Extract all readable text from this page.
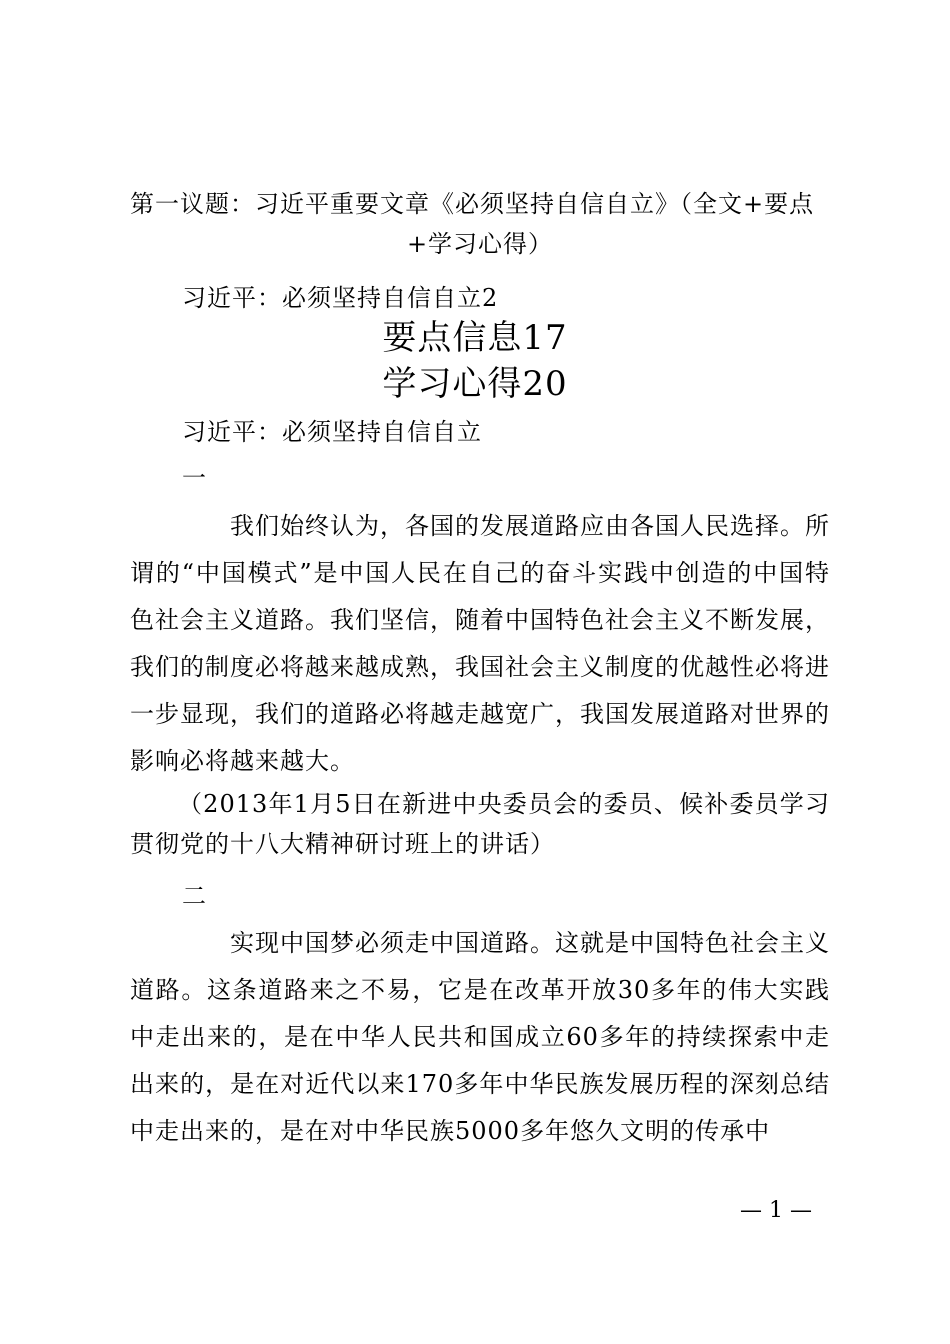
第一议题：习近平重要文章《必须坚持自信自立》（全文+要点
+学习心得）
习近平：必须坚持自信自立2
要点信息17
学习心得20
习近平：必须坚持自信自立
一
我们始终认为，各国的发展道路应由各国人民选择。所谓的“中国模式”是中国人民在自己的奋斗实践中创造的中国特色社会主义道路。我们坚信，随着中国特色社会主义不断发展，我们的制度必将越来越成熟，我国社会主义制度的优越性必将进一步显现，我们的道路必将越走越宽广，我国发展道路对世界的影响必将越来越大。
（2013年1月5日在新进中央委员会的委员、候补委员学习贯彻党的十八大精神研讨班上的讲话）
二
实现中国梦必须走中国道路。这就是中国特色社会主义道路。这条道路来之不易，它是在改革开放30多年的伟大实践中走出来的，是在中华人民共和国成立60多年的持续探索中走出来的，是在对近代以来170多年中华民族发展历程的深刻总结中走出来的，是在对中华民族5000多年悠久文明的传承中
— 1 —
